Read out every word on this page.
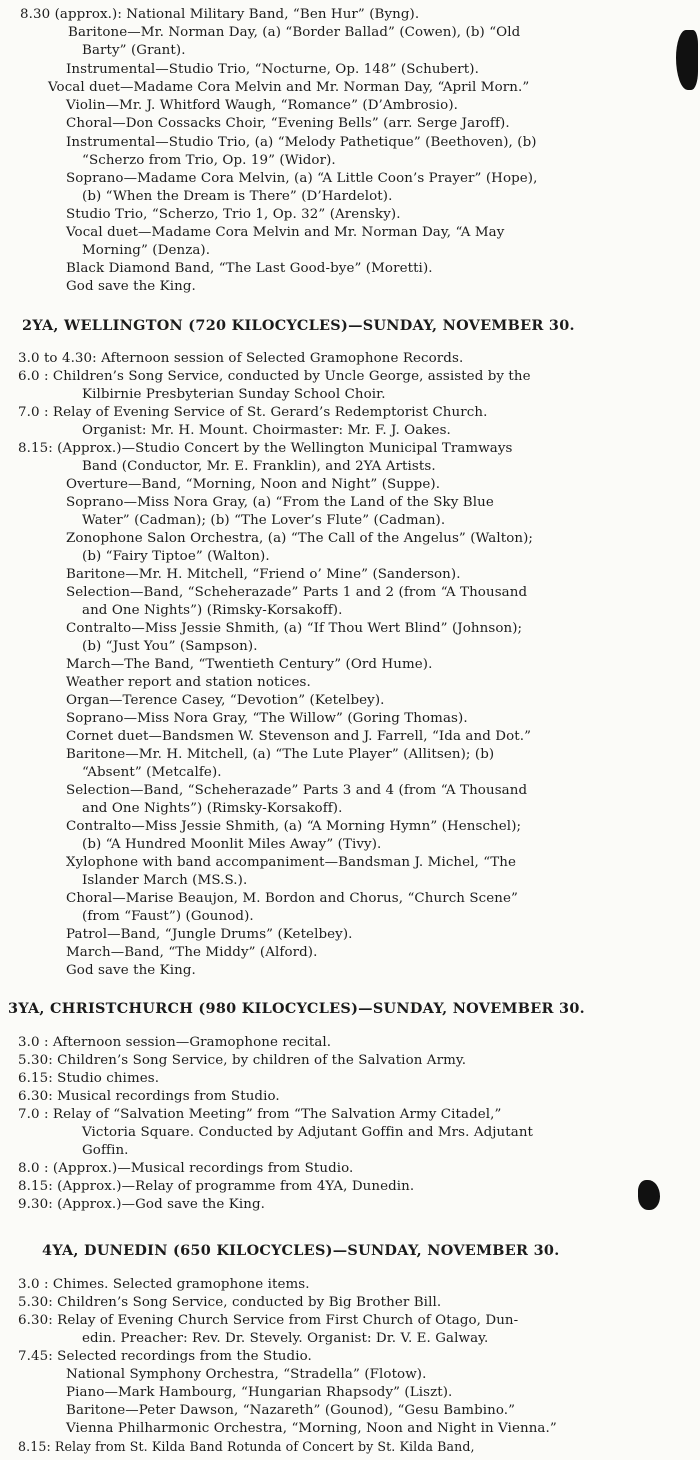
8.30 (approx.): National Military Band, “Ben Hur” (Byng).
Baritone—Mr. Norman Day, (a) “Border Ballad” (Cowen), (b) “Old
Barty” (Grant).
Instrumental—Studio Trio, “Nocturne, Op. 148” (Schubert).
Vocal duet—Madame Cora Melvin and Mr. Norman Day, “April Morn.”
Violin—Mr. J. Whitford Waugh, “Romance” (D’Ambrosio).
Choral—Don Cossacks Choir, “Evening Bells” (arr. Serge Jaroff).
Instrumental—Studio Trio, (a) “Melody Pathetique” (Beethoven), (b)
“Scherzo from Trio, Op. 19” (Widor).
Soprano—Madame Cora Melvin, (a) “A Little Coon’s Prayer” (Hope),
(b) “When the Dream is There” (D’Hardelot).
Studio Trio, “Scherzo, Trio 1, Op. 32” (Arensky).
Vocal duet—Madame Cora Melvin and Mr. Norman Day, “A May
Morning” (Denza).
Black Diamond Band, “The Last Good-bye” (Moretti).
God save the King.
2YA, WELLINGTON (720 KILOCYCLES)—SUNDAY, NOVEMBER 30.
3.0 to 4.30: Afternoon session of Selected Gramophone Records.
6.0 : Children’s Song Service, conducted by Uncle George, assisted by the
Kilbirnie Presbyterian Sunday School Choir.
7.0 : Relay of Evening Service of St. Gerard’s Redemptorist Church.
Organist: Mr. H. Mount. Choirmaster: Mr. F. J. Oakes.
8.15: (Approx.)—Studio Concert by the Wellington Municipal Tramways
Band (Conductor, Mr. E. Franklin), and 2YA Artists.
Overture—Band, “Morning, Noon and Night” (Suppe).
Soprano—Miss Nora Gray, (a) “From the Land of the Sky Blue
Water” (Cadman); (b) “The Lover’s Flute” (Cadman).
Zonophone Salon Orchestra, (a) “The Call of the Angelus” (Walton);
(b) “Fairy Tiptoe” (Walton).
Baritone—Mr. H. Mitchell, “Friend o’ Mine” (Sanderson).
Selection—Band, “Scheherazade” Parts 1 and 2 (from “A Thousand
and One Nights”) (Rimsky-Korsakoff).
Contralto—Miss Jessie Shmith, (a) “If Thou Wert Blind” (Johnson);
(b) “Just You” (Sampson).
March—The Band, “Twentieth Century” (Ord Hume).
Weather report and station notices.
Organ—Terence Casey, “Devotion” (Ketelbey).
Soprano—Miss Nora Gray, “The Willow” (Goring Thomas).
Cornet duet—Bandsmen W. Stevenson and J. Farrell, “Ida and Dot.”
Baritone—Mr. H. Mitchell, (a) “The Lute Player” (Allitsen); (b)
“Absent” (Metcalfe).
Selection—Band, “Scheherazade” Parts 3 and 4 (from “A Thousand
and One Nights”) (Rimsky-Korsakoff).
Contralto—Miss Jessie Shmith, (a) “A Morning Hymn” (Henschel);
(b) “A Hundred Moonlit Miles Away” (Tivy).
Xylophone with band accompaniment—Bandsman J. Michel, “The
Islander March (MS.S.).
Choral—Marise Beaujon, M. Bordon and Chorus, “Church Scene”
(from “Faust”) (Gounod).
Patrol—Band, “Jungle Drums” (Ketelbey).
March—Band, “The Middy” (Alford).
God save the King.
3YA, CHRISTCHURCH (980 KILOCYCLES)—SUNDAY, NOVEMBER 30.
3.0 : Afternoon session—Gramophone recital.
5.30: Children’s Song Service, by children of the Salvation Army.
6.15: Studio chimes.
6.30: Musical recordings from Studio.
7.0 : Relay of “Salvation Meeting” from “The Salvation Army Citadel,”
Victoria Square. Conducted by Adjutant Goffin and Mrs. Adjutant
Goffin.
8.0 : (Approx.)—Musical recordings from Studio.
8.15: (Approx.)—Relay of programme from 4YA, Dunedin.
9.30: (Approx.)—God save the King.
4YA, DUNEDIN (650 KILOCYCLES)—SUNDAY, NOVEMBER 30.
3.0 : Chimes. Selected gramophone items.
5.30: Children’s Song Service, conducted by Big Brother Bill.
6.30: Relay of Evening Church Service from First Church of Otago, Dun-
edin. Preacher: Rev. Dr. Stevely. Organist: Dr. V. E. Galway.
7.45: Selected recordings from the Studio.
National Symphony Orchestra, “Stradella” (Flotow).
Piano—Mark Hambourg, “Hungarian Rhapsody” (Liszt).
Baritone—Peter Dawson, “Nazareth” (Gounod), “Gesu Bambino.”
Vienna Philharmonic Orchestra, “Morning, Noon and Night in Vienna.”
8.15: Relay from St. Kilda Band Rotunda of Concert by St. Kilda Band,
